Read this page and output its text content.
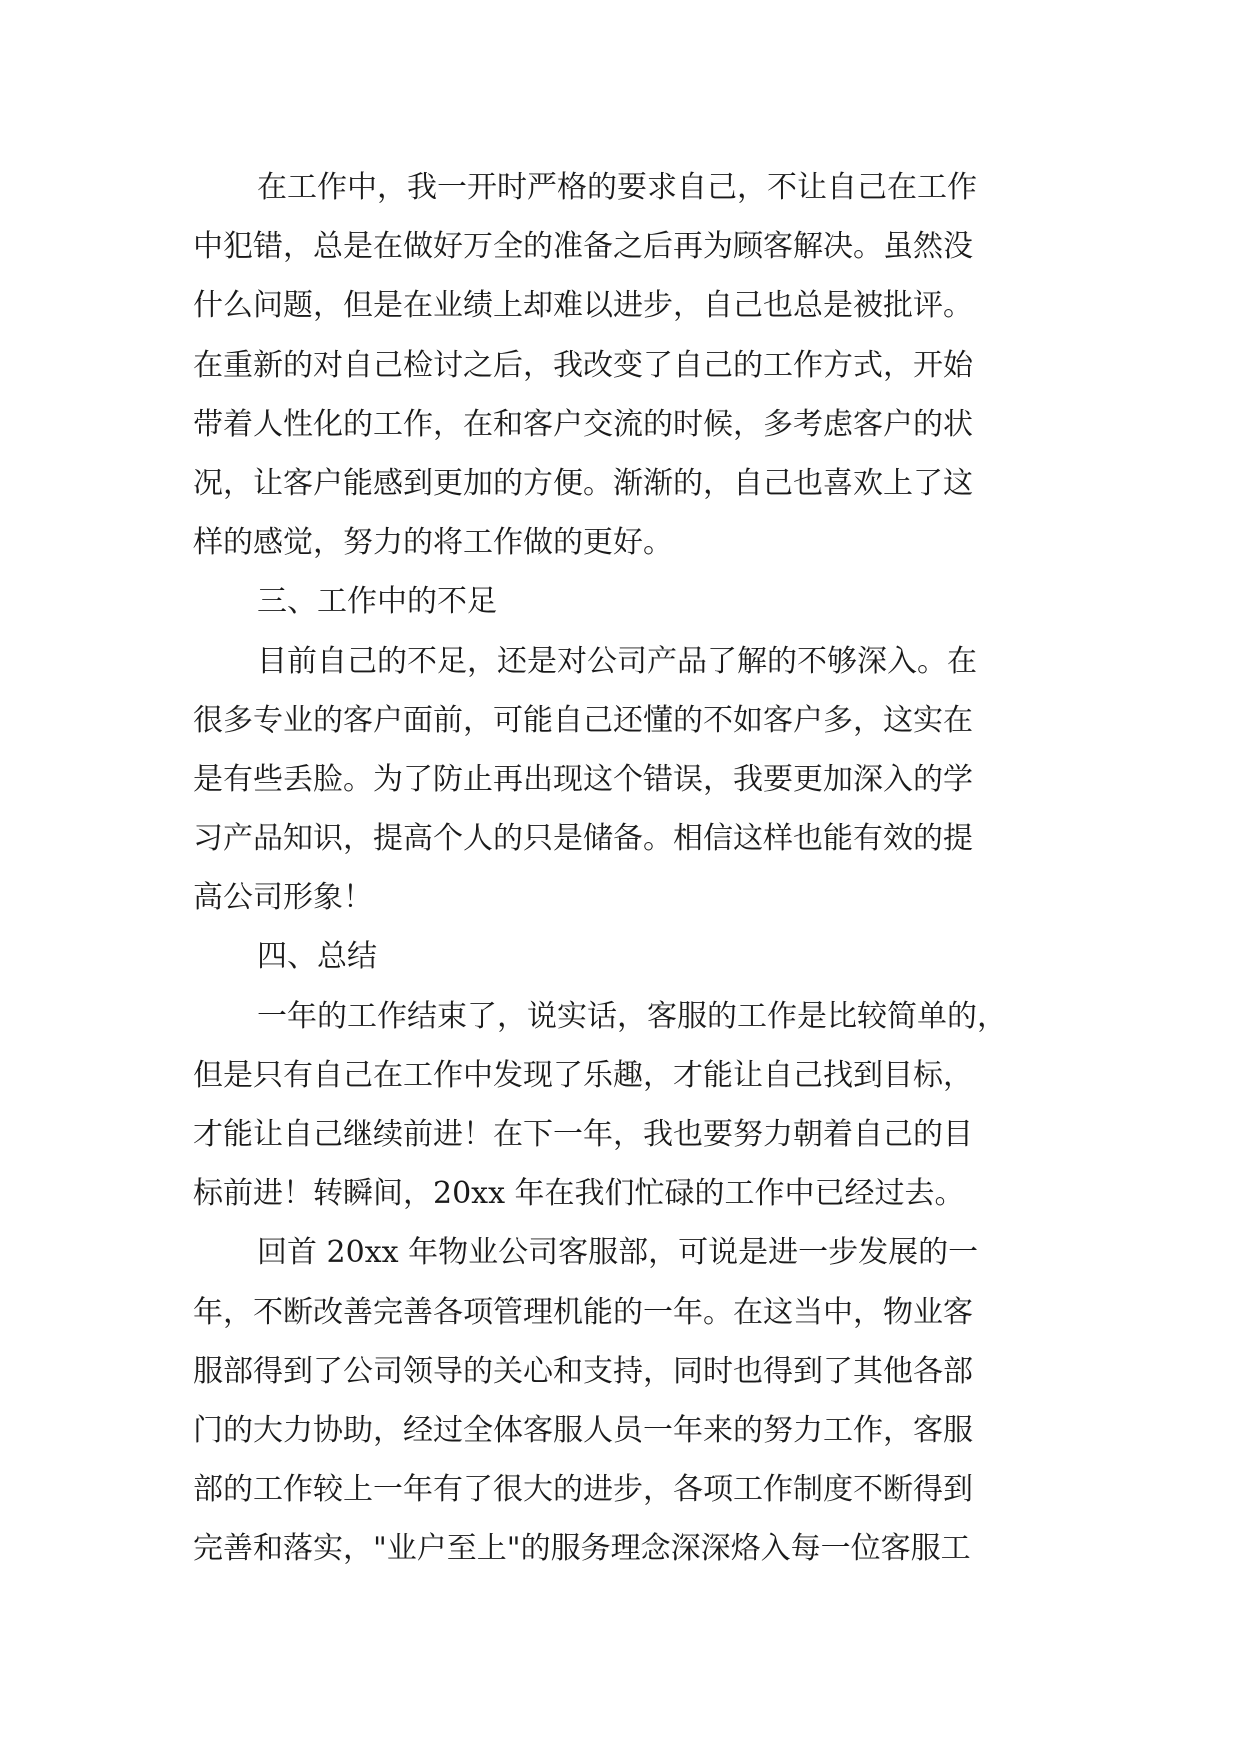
在工作中，我一开时严格的要求自己，不让自己在工作
中犯错，总是在做好万全的准备之后再为顾客解决。虽然没
什么问题，但是在业绩上却难以进步，自己也总是被批评。
在重新的对自己检讨之后，我改变了自己的工作方式，开始
带着人性化的工作，在和客户交流的时候，多考虑客户的状
况，让客户能感到更加的方便。渐渐的，自己也喜欢上了这
样的感觉，努力的将工作做的更好。
三、工作中的不足
目前自己的不足，还是对公司产品了解的不够深入。在
很多专业的客户面前，可能自己还懂的不如客户多，这实在
是有些丢脸。为了防止再出现这个错误，我要更加深入的学
习产品知识，提高个人的只是储备。相信这样也能有效的提
高公司形象！
四、总结
一年的工作结束了，说实话，客服的工作是比较简单的，
但是只有自己在工作中发现了乐趣，才能让自己找到目标，
才能让自己继续前进！在下一年，我也要努力朝着自己的目
标前进！转瞬间，20xx 年在我们忙碌的工作中已经过去。
回首 20xx 年物业公司客服部，可说是进一步发展的一
年，不断改善完善各项管理机能的一年。在这当中，物业客
服部得到了公司领导的关心和支持，同时也得到了其他各部
门的大力协助，经过全体客服人员一年来的努力工作，客服
部的工作较上一年有了很大的进步，各项工作制度不断得到
完善和落实，"业户至上"的服务理念深深烙入每一位客服工
